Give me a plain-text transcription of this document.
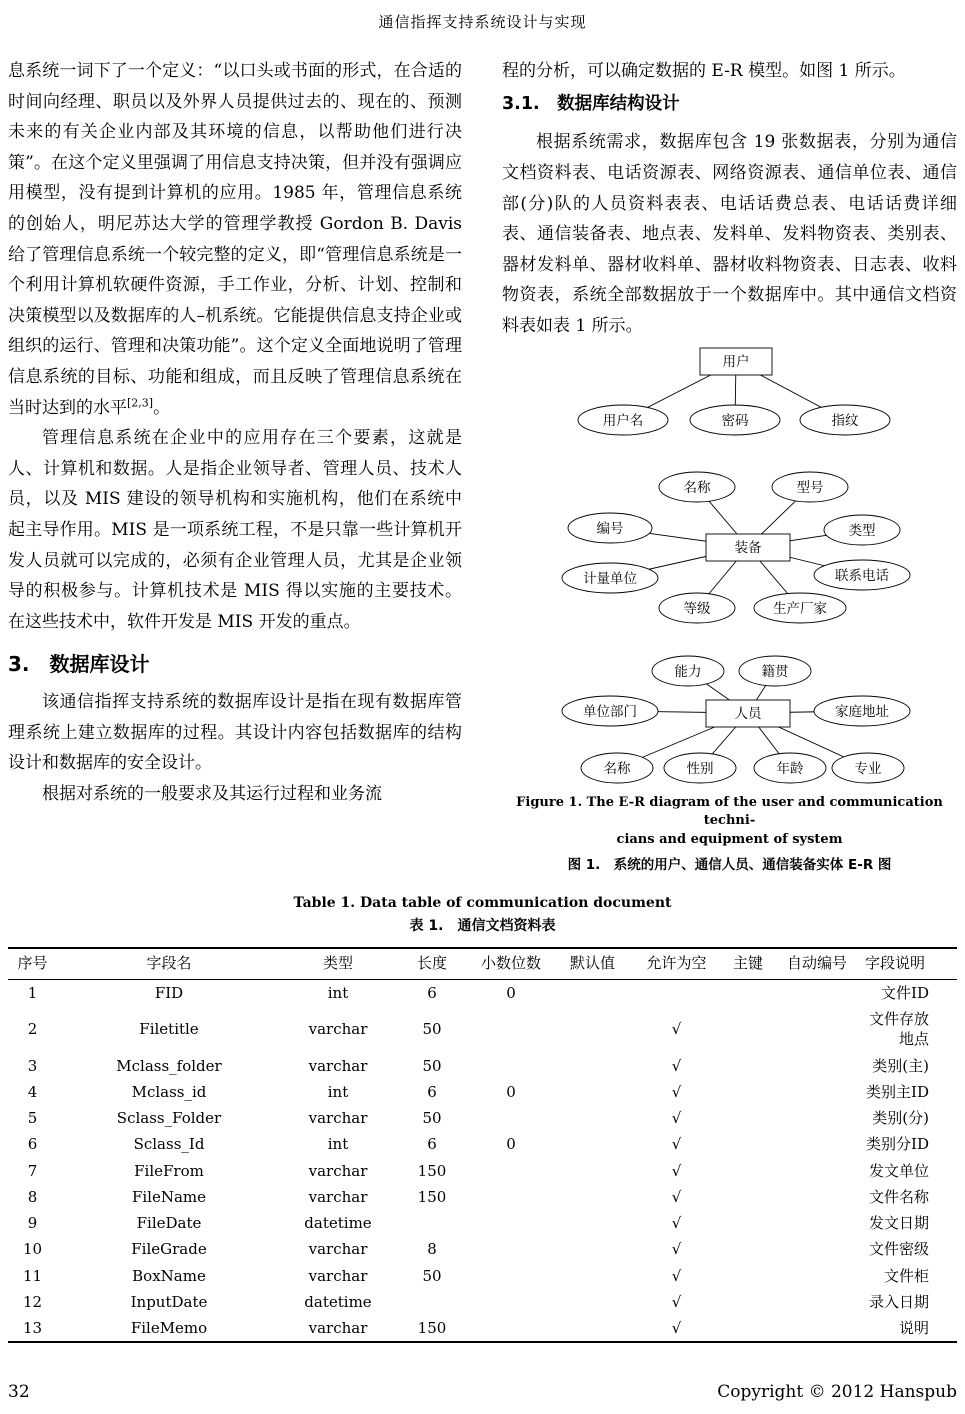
通信指挥支持系统设计与实现

息系统一词下了一个定义：“以口头或书面的形式，在合适的时间向经理、职员以及外界人员提供过去的、现在的、预测未来的有关企业内部及其环境的信息，以帮助他们进行决策”。在这个定义里强调了用信息支持决策，但并没有强调应用模型，没有提到计算机的应用。1985 年，管理信息系统的创始人，明尼苏达大学的管理学教授 Gordon B. Davis 给了管理信息系统一个较完整的定义，即“管理信息系统是一个利用计算机软硬件资源，手工作业，分析、计划、控制和决策模型以及数据库的人–机系统。它能提供信息支持企业或组织的运行、管理和决策功能”。这个定义全面地说明了管理信息系统的目标、功能和组成，而且反映了管理信息系统在当时达到的水平[2,3]。

管理信息系统在企业中的应用存在三个要素，这就是人、计算机和数据。人是指企业领导者、管理人员、技术人员，以及 MIS 建设的领导机构和实施机构，他们在系统中起主导作用。MIS 是一项系统工程，不是只靠一些计算机开发人员就可以完成的，必须有企业管理人员，尤其是企业领导的积极参与。计算机技术是 MIS 得以实施的主要技术。在这些技术中，软件开发是 MIS 开发的重点。

3.　数据库设计

该通信指挥支持系统的数据库设计是指在现有数据库管理系统上建立数据库的过程。其设计内容包括数据库的结构设计和数据库的安全设计。

根据对系统的一般要求及其运行过程和业务流

程的分析，可以确定数据的 E-R 模型。如图 1 所示。

3.1.　数据库结构设计

根据系统需求，数据库包含 19 张数据表，分别为通信文档资料表、电话资源表、网络资源表、通信单位表、通信部(分)队的人员资料表表、电话话费总表、电话话费详细表、通信装备表、地点表、发料单、发料物资表、类别表、器材发料单、器材收料单、器材收料物资表、日志表、收料物资表，系统全部数据放于一个数据库中。其中通信文档资料表如表 1 所示。

用户
用户名	密码	指纹
装备
名称	型号
编号	类型
计量单位	联系电话
等级	生产厂家
人员
能力	籍贯
单位部门	家庭地址
名称	性别	年龄	专业
Figure 1. The E-R diagram of the user and communication techni-
cians and equipment of system
图 1.　系统的用户、通信人员、通信装备实体 E-R 图
Table 1. Data table of communication document
表 1.　通信文档资料表
序号	字段名	类型	长度	小数位数	默认值	允许为空	主键	自动编号	字段说明
1	FID	int	6	0					文件ID
2	Filetitle	varchar	50			√			文件存放地点
3	Mclass_folder	varchar	50			√			类别(主)
4	Mclass_id	int	6	0		√			类别主ID
5	Sclass_Folder	varchar	50			√			类别(分)
6	Sclass_Id	int	6	0		√			类别分ID
7	FileFrom	varchar	150			√			发文单位
8	FileName	varchar	150			√			文件名称
9	FileDate	datetime				√			发文日期
10	FileGrade	varchar	8			√			文件密级
11	BoxName	varchar	50			√			文件柜
12	InputDate	datetime				√			录入日期
13	FileMemo	varchar	150			√			说明
32	Copyright © 2012 Hanspub
